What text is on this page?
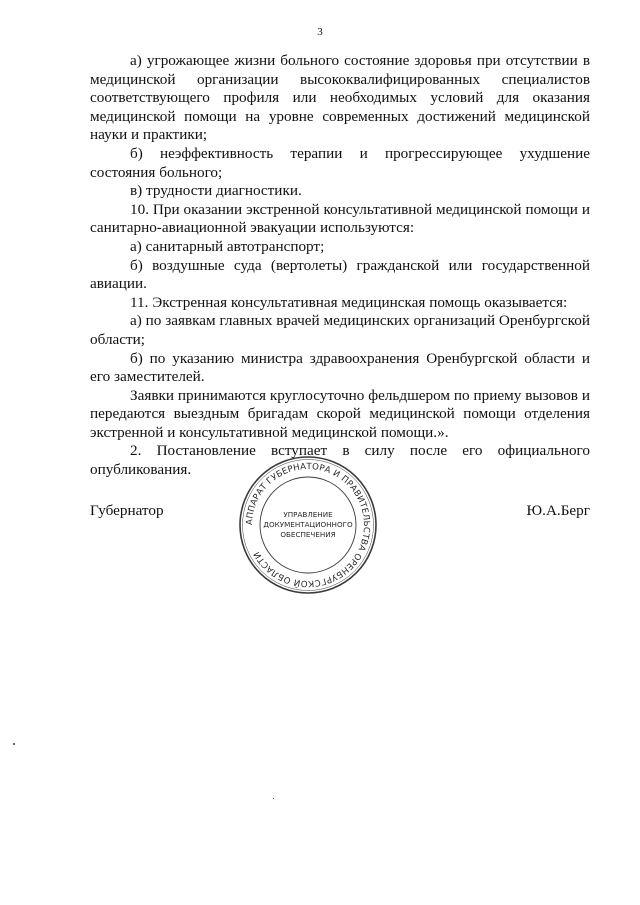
3

а) угрожающее жизни больного состояние здоровья при отсутствии в медицинской организации высококвалифицированных специалистов соответствующего профиля или необходимых условий для оказания медицинской помощи на уровне современных достижений медицинской науки и практики;

б) неэффективность терапии и прогрессирующее ухудшение состояния больного;

в) трудности диагностики.

10. При оказании экстренной консультативной медицинской помощи и санитарно-авиационной эвакуации используются:

а) санитарный автотранспорт;

б) воздушные суда (вертолеты) гражданской или государственной авиации.

11. Экстренная консультативная медицинская помощь оказывается:

а) по заявкам главных врачей медицинских организаций Оренбургской области;

б) по указанию министра здравоохранения Оренбургской области и его заместителей.

Заявки принимаются круглосуточно фельдшером по приему вызовов и передаются выездным бригадам скорой медицинской помощи отделения экстренной и консультативной медицинской помощи.».

2. Постановление вступает в силу после его официального опубликования.

Губернатор	Ю.А.Берг
АППАРАТ ГУБЕРНАТОРА И ПРАВИТЕЛЬСТВА ОРЕНБУРГСКОЙ ОБЛАСТИ
УПРАВЛЕНИЕ
ДОКУМЕНТАЦИОННОГО
ОБЕСПЕЧЕНИЯ
